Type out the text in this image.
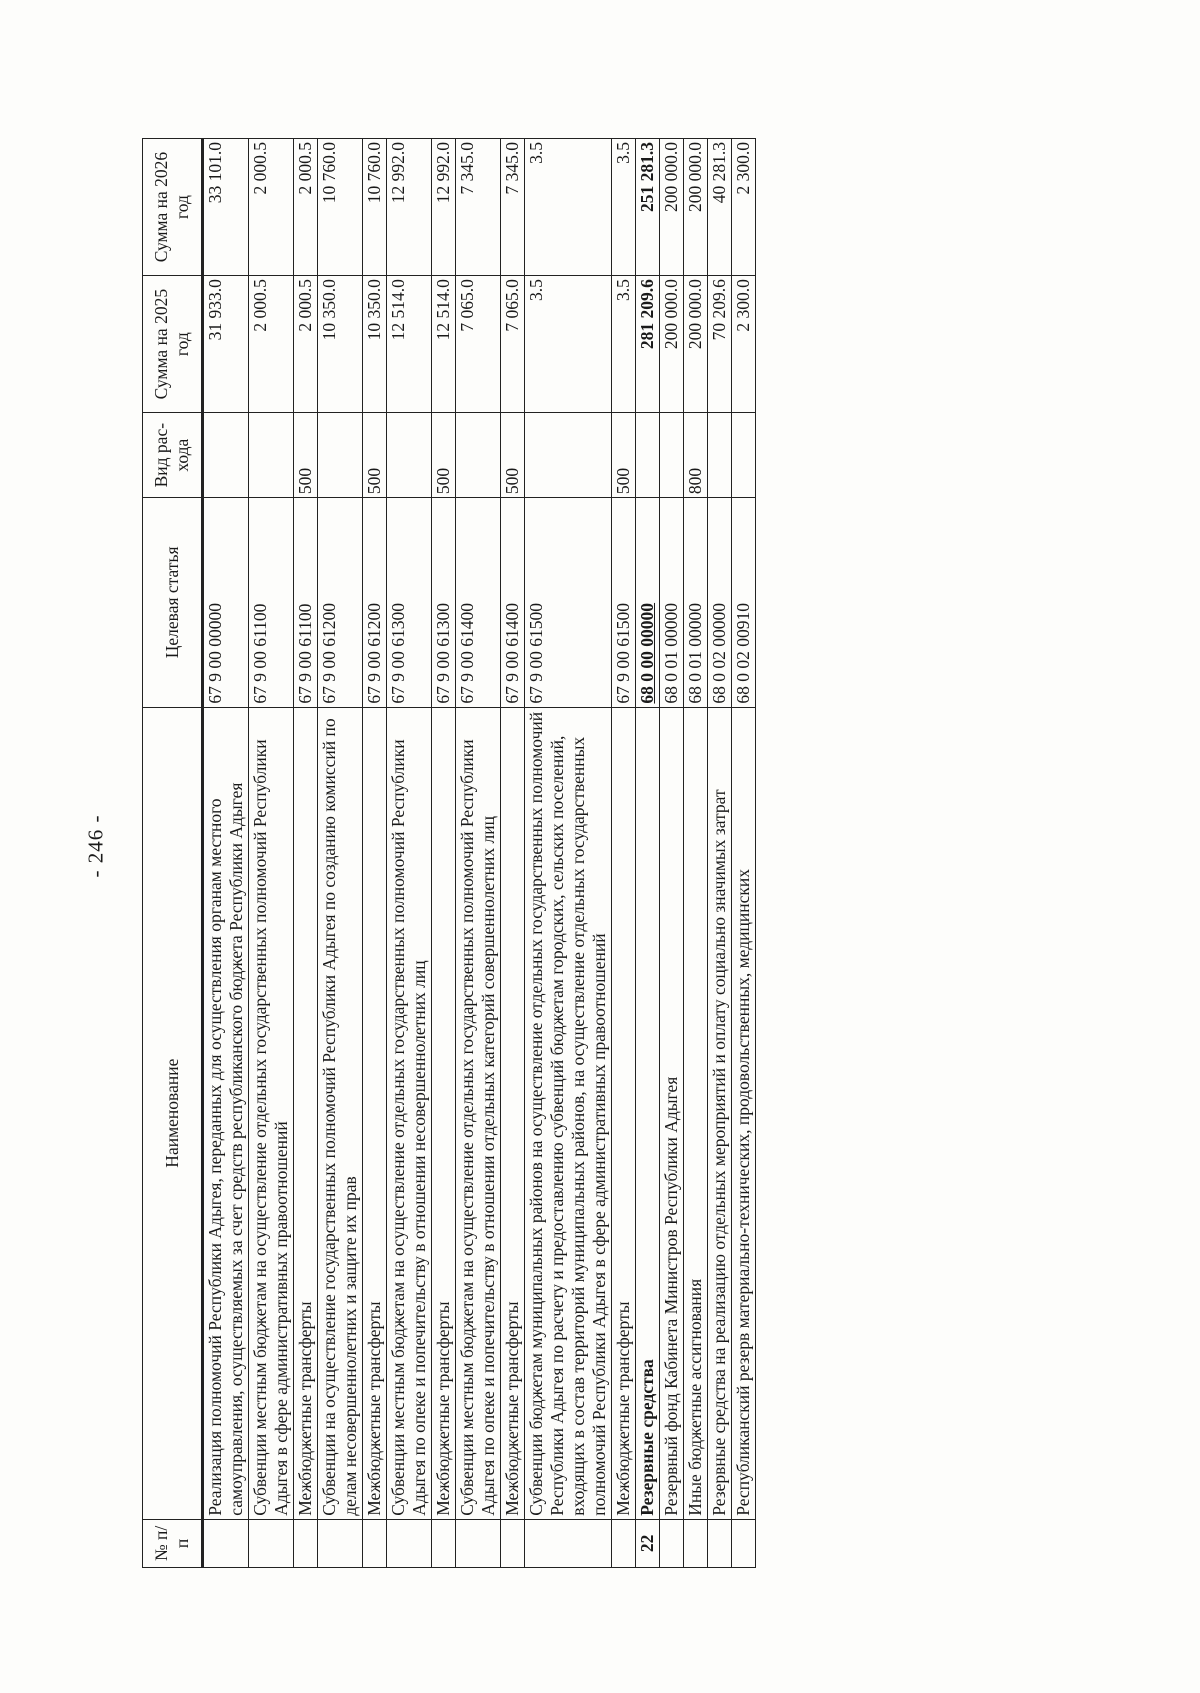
- 246 -
№ п/п	Наименование	Целевая статья	Вид рас-хода	Сумма на 2025 год	Сумма на 2026 год
	Реализация полномочий Республики Адыгея, переданных для осуществления органам местного самоуправления, осуществляемых за счет средств республиканского бюджета Республики Адыгея	67 9 00 00000		31 933.0	33 101.0
	Субвенции местным бюджетам на осуществление отдельных государственных полномочий Республики Адыгея в сфере административных правоотношений	67 9 00 61100		2 000.5	2 000.5
	Межбюджетные трансферты	67 9 00 61100	500	2 000.5	2 000.5
	Субвенции на осуществление государственных полномочий Республики Адыгея по созданию комиссий по делам несовершеннолетних и защите их прав	67 9 00 61200		10 350.0	10 760.0
	Межбюджетные трансферты	67 9 00 61200	500	10 350.0	10 760.0
	Субвенции местным бюджетам на осуществление отдельных государственных полномочий Республики Адыгея по опеке и попечительству в отношении несовершеннолетних лиц	67 9 00 61300		12 514.0	12 992.0
	Межбюджетные трансферты	67 9 00 61300	500	12 514.0	12 992.0
	Субвенции местным бюджетам на осуществление отдельных государственных полномочий Республики Адыгея по опеке и попечительству в отношении отдельных категорий совершеннолетних лиц	67 9 00 61400		7 065.0	7 345.0
	Межбюджетные трансферты	67 9 00 61400	500	7 065.0	7 345.0
	Субвенции бюджетам муниципальных районов на осуществление отдельных государственных полномочий Республики Адыгея по расчету и предоставлению субвенций бюджетам городских, сельских поселений, входящих в состав территорий муниципальных районов, на осуществление отдельных государственных полномочий Республики Адыгея в сфере административных правоотношений	67 9 00 61500		3.5	3.5
	Межбюджетные трансферты	67 9 00 61500	500	3.5	3.5
22	Резервные средства	68 0 00 00000		281 209.6	251 281.3
	Резервный фонд Кабинета Министров Республики Адыгея	68 0 01 00000		200 000.0	200 000.0
	Иные бюджетные ассигнования	68 0 01 00000	800	200 000.0	200 000.0
	Резервные средства на реализацию отдельных мероприятий и оплату социально значимых затрат	68 0 02 00000		70 209.6	40 281.3
	Республиканский резерв материально-технических, продовольственных, медицинских	68 0 02 00910		2 300.0	2 300.0
